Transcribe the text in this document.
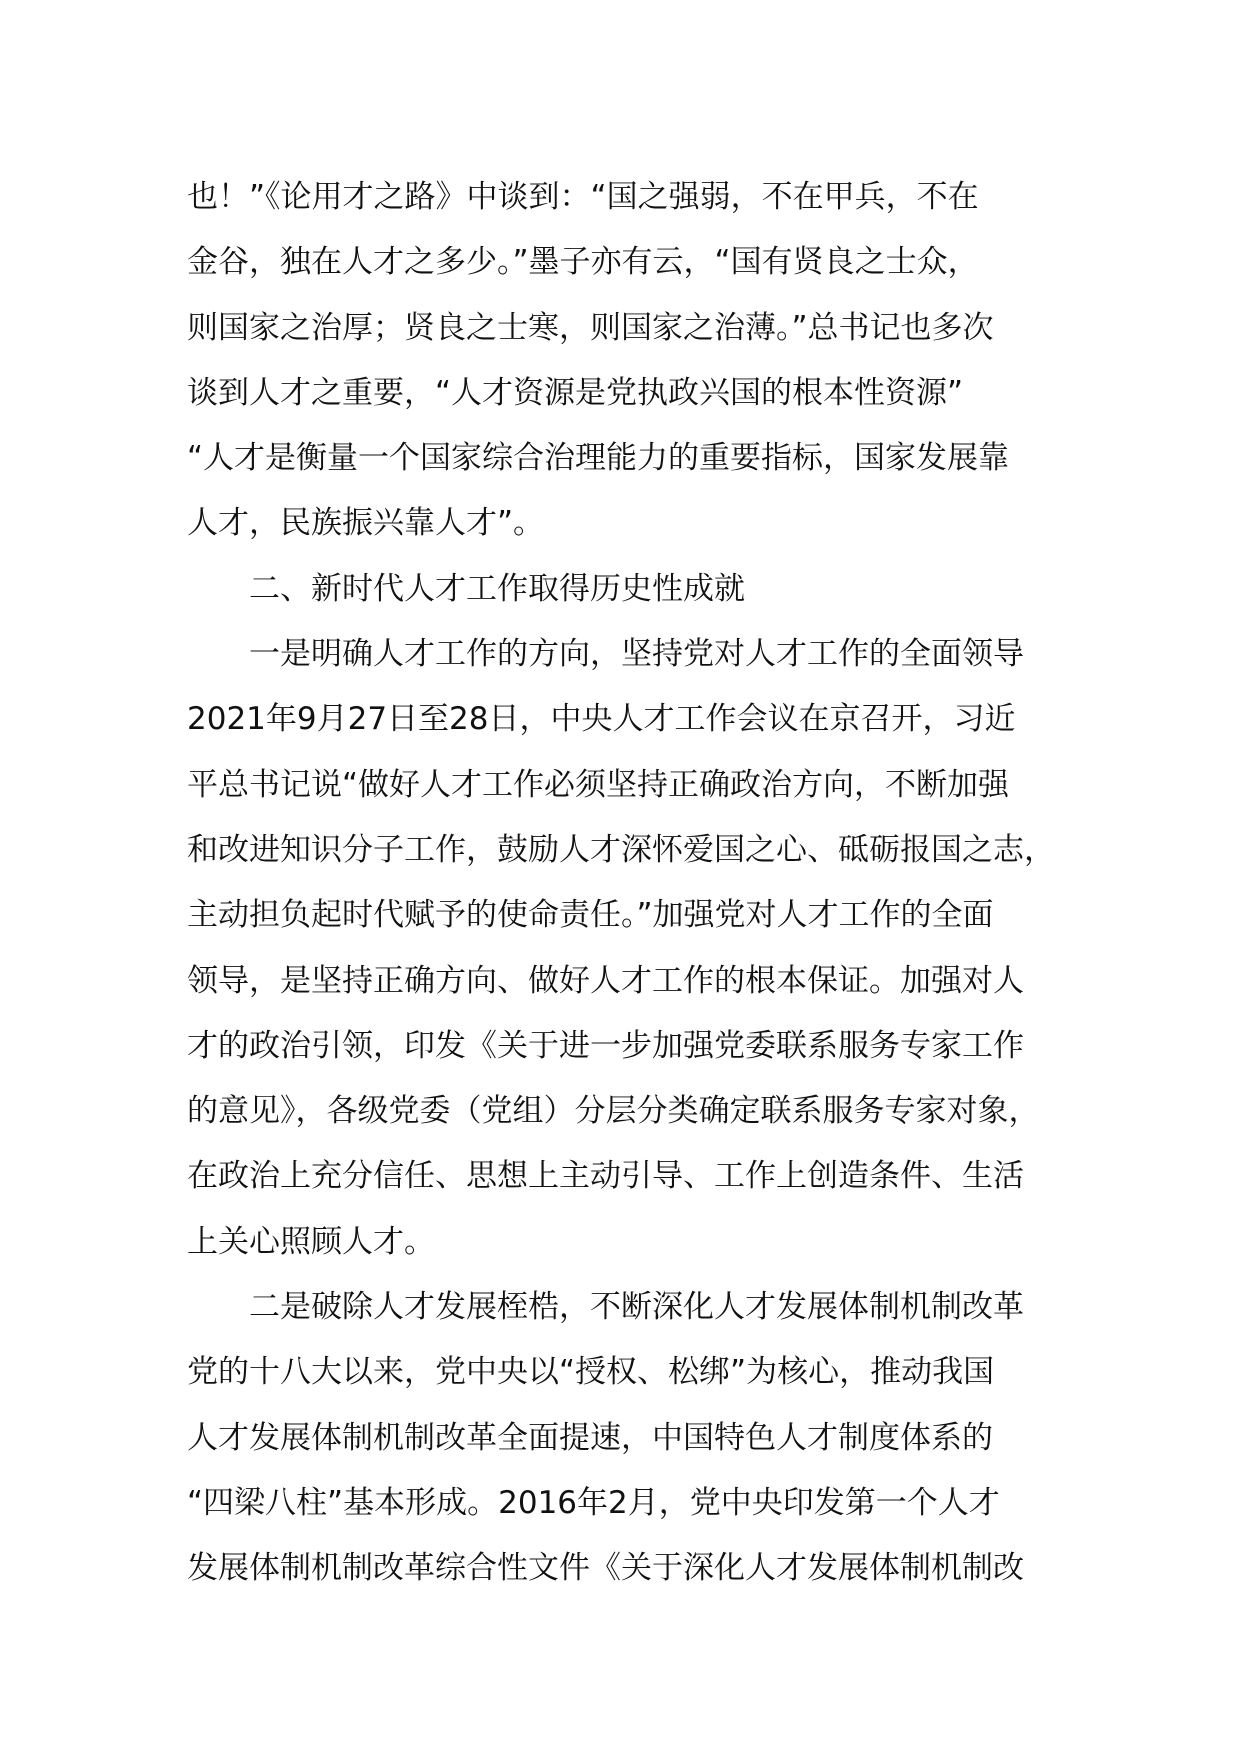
也！”《论用才之路》中谈到：“国之强弱，不在甲兵，不在
金谷，独在人才之多少。”墨子亦有云，“国有贤良之士众，
则国家之治厚；贤良之士寒，则国家之治薄。”总书记也多次
谈到人才之重要，“人才资源是党执政兴国的根本性资源”
“人才是衡量一个国家综合治理能力的重要指标，国家发展靠
人才，民族振兴靠人才”。
二、新时代人才工作取得历史性成就
一是明确人才工作的方向，坚持党对人才工作的全面领导
2021年9月27日至28日，中央人才工作会议在京召开，习近
平总书记说“做好人才工作必须坚持正确政治方向，不断加强
和改进知识分子工作，鼓励人才深怀爱国之心、砥砺报国之志，
主动担负起时代赋予的使命责任。”加强党对人才工作的全面
领导，是坚持正确方向、做好人才工作的根本保证。加强对人
才的政治引领，印发《关于进一步加强党委联系服务专家工作
的意见》，各级党委（党组）分层分类确定联系服务专家对象，
在政治上充分信任、思想上主动引导、工作上创造条件、生活
上关心照顾人才。
二是破除人才发展桎梏，不断深化人才发展体制机制改革
党的十八大以来，党中央以“授权、松绑”为核心，推动我国
人才发展体制机制改革全面提速，中国特色人才制度体系的
“四梁八柱”基本形成。2016年2月，党中央印发第一个人才
发展体制机制改革综合性文件《关于深化人才发展体制机制改
